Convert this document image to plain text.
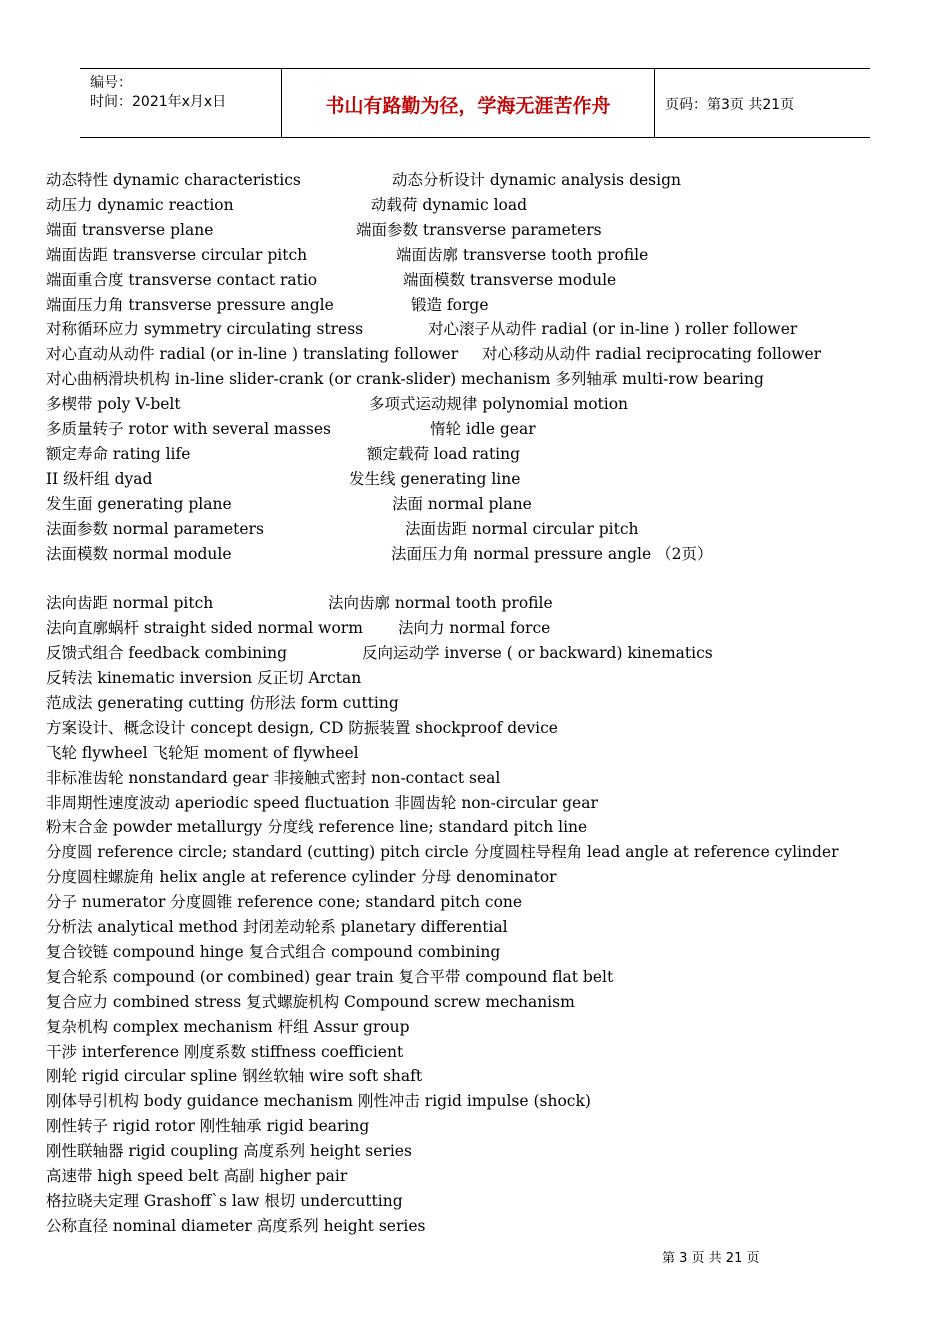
编号：
时间：2021年x月x日	书山有路勤为径，学海无涯苦作舟	页码：第3页 共21页
动态特性 dynamic characteristics	动态分析设计 dynamic analysis design
动压力 dynamic reaction	动载荷 dynamic load
端面 transverse plane	端面参数 transverse parameters
端面齿距 transverse circular pitch	端面齿廓 transverse tooth profile
端面重合度 transverse contact ratio	端面模数 transverse module
端面压力角 transverse pressure angle	锻造 forge
对称循环应力 symmetry circulating stress	对心滚子从动件 radial (or in-line ) roller follower
对心直动从动件 radial (or in-line ) translating follower 对心移动从动件 radial reciprocating follower
对心曲柄滑块机构 in-line slider-crank (or crank-slider) mechanism 多列轴承 multi-row bearing
多楔带 poly V-belt	多项式运动规律 polynomial motion
多质量转子 rotor with several masses	惰轮 idle gear
额定寿命 rating life	额定载荷 load rating
II 级杆组 dyad	发生线 generating line
发生面 generating plane	法面 normal plane
法面参数 normal parameters	法面齿距 normal circular pitch
法面模数 normal module	法面压力角 normal pressure angle （2页）
法向齿距 normal pitch	法向齿廓 normal tooth profile
法向直廓蜗杆 straight sided normal worm 法向力 normal force
反馈式组合 feedback combining	反向运动学 inverse ( or backward) kinematics
反转法 kinematic inversion 反正切 Arctan
范成法 generating cutting 仿形法 form cutting
方案设计、概念设计 concept design, CD 防振装置 shockproof device
飞轮 flywheel 飞轮矩 moment of flywheel
非标准齿轮 nonstandard gear 非接触式密封 non-contact seal
非周期性速度波动 aperiodic speed fluctuation 非圆齿轮 non-circular gear
粉末合金 powder metallurgy 分度线 reference line; standard pitch line
分度圆 reference circle; standard (cutting) pitch circle 分度圆柱导程角 lead angle at reference cylinder
分度圆柱螺旋角 helix angle at reference cylinder 分母 denominator
分子 numerator 分度圆锥 reference cone; standard pitch cone
分析法 analytical method 封闭差动轮系 planetary differential
复合铰链 compound hinge 复合式组合 compound combining
复合轮系 compound (or combined) gear train 复合平带 compound flat belt
复合应力 combined stress 复式螺旋机构 Compound screw mechanism
复杂机构 complex mechanism 杆组 Assur group
干涉 interference 刚度系数 stiffness coefficient
刚轮 rigid circular spline 钢丝软轴 wire soft shaft
刚体导引机构 body guidance mechanism 刚性冲击 rigid impulse (shock)
刚性转子 rigid rotor 刚性轴承 rigid bearing
刚性联轴器 rigid coupling 高度系列 height series
高速带 high speed belt 高副 higher pair
格拉晓夫定理 Grashoff`s law 根切 undercutting
公称直径 nominal diameter 高度系列 height series
第 3 页 共 21 页
